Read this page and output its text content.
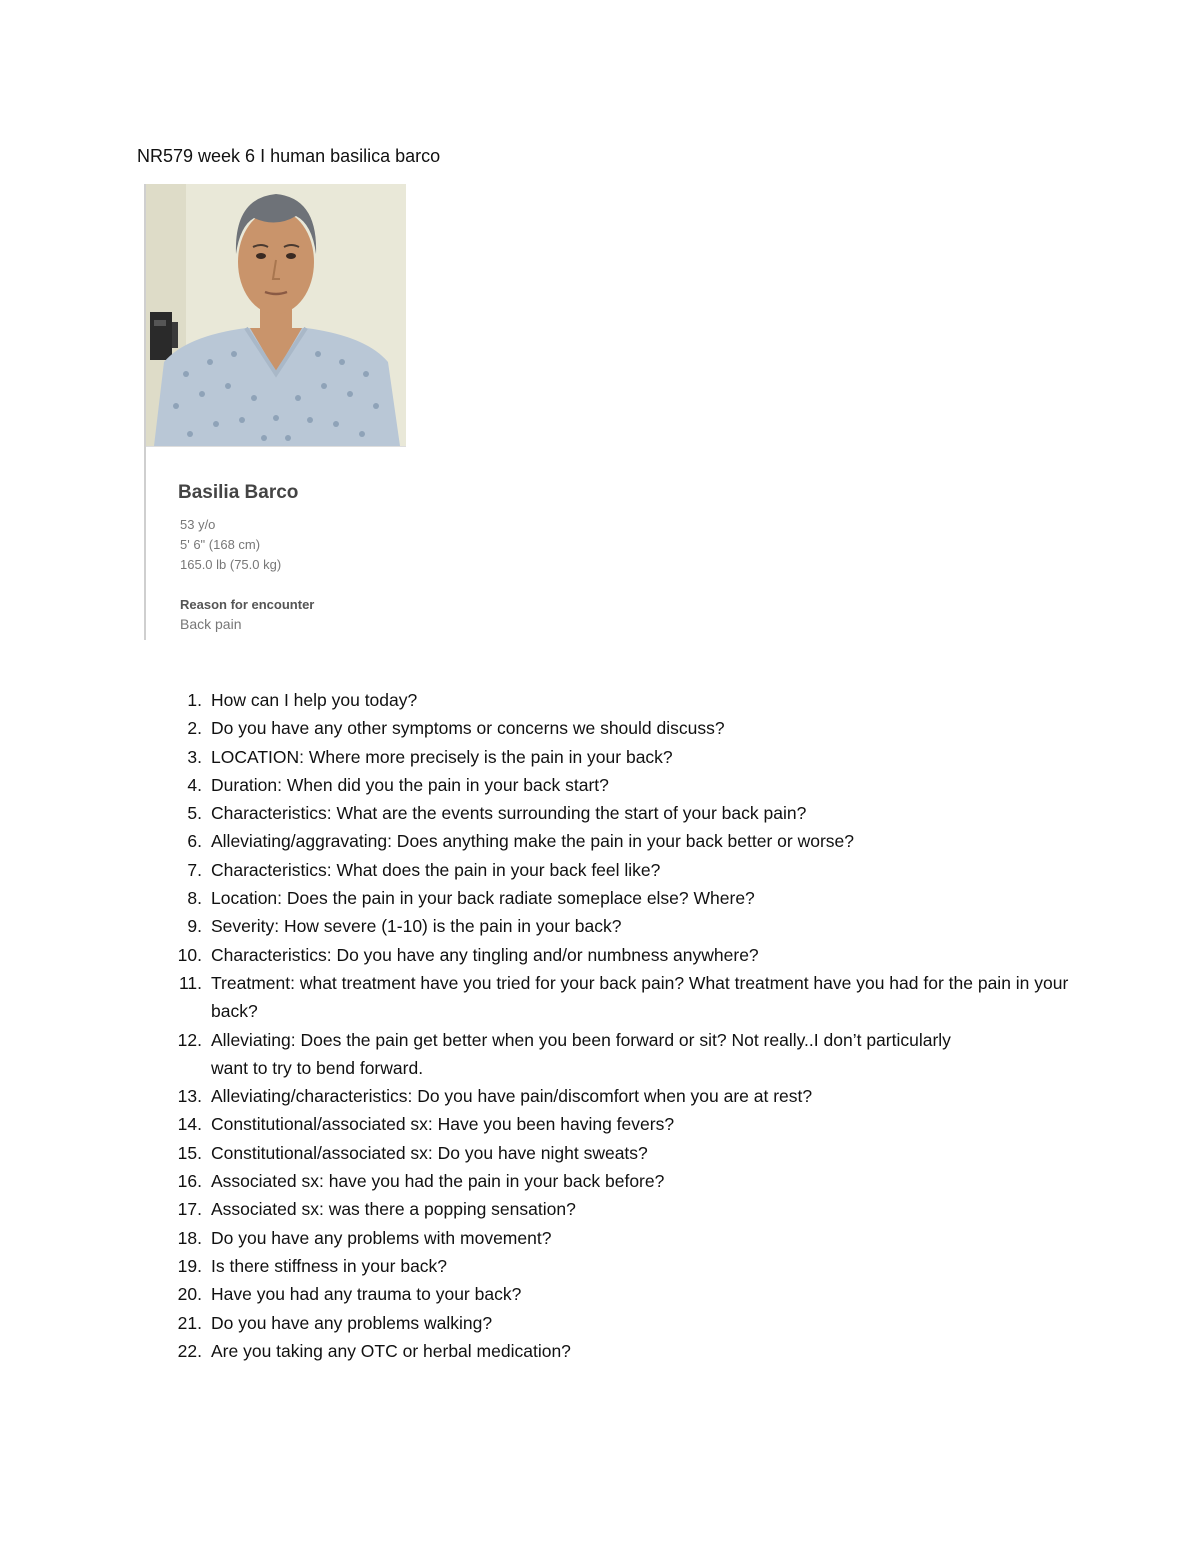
NR579 week 6 I human basilica barco
Basilia Barco
53 y/o
5' 6" (168 cm)
165.0 lb (75.0 kg)
Reason for encounter
Back pain
1. How can I help you today?
2. Do you have any other symptoms or concerns we should discuss?
3. LOCATION: Where more precisely is the pain in your back?
4. Duration: When did you the pain in your back start?
5. Characteristics: What are the events surrounding the start of your back pain?
6. Alleviating/aggravating: Does anything make the pain in your back better or worse?
7. Characteristics: What does the pain in your back feel like?
8. Location: Does the pain in your back radiate someplace else? Where?
9. Severity: How severe (1-10) is the pain in your back?
10. Characteristics: Do you have any tingling and/or numbness anywhere?
11. Treatment: what treatment have you tried for your back pain? What treatment have you had for the pain in your back?
12. Alleviating: Does the pain get better when you been forward or sit? Not really..I don’t particularly want to try to bend forward.
13. Alleviating/characteristics: Do you have pain/discomfort when you are at rest?
14. Constitutional/associated sx: Have you been having fevers?
15. Constitutional/associated sx: Do you have night sweats?
16. Associated sx: have you had the pain in your back before?
17. Associated sx: was there a popping sensation?
18. Do you have any problems with movement?
19. Is there stiffness in your back?
20. Have you had any trauma to your back?
21. Do you have any problems walking?
22. Are you taking any OTC or herbal medication?
